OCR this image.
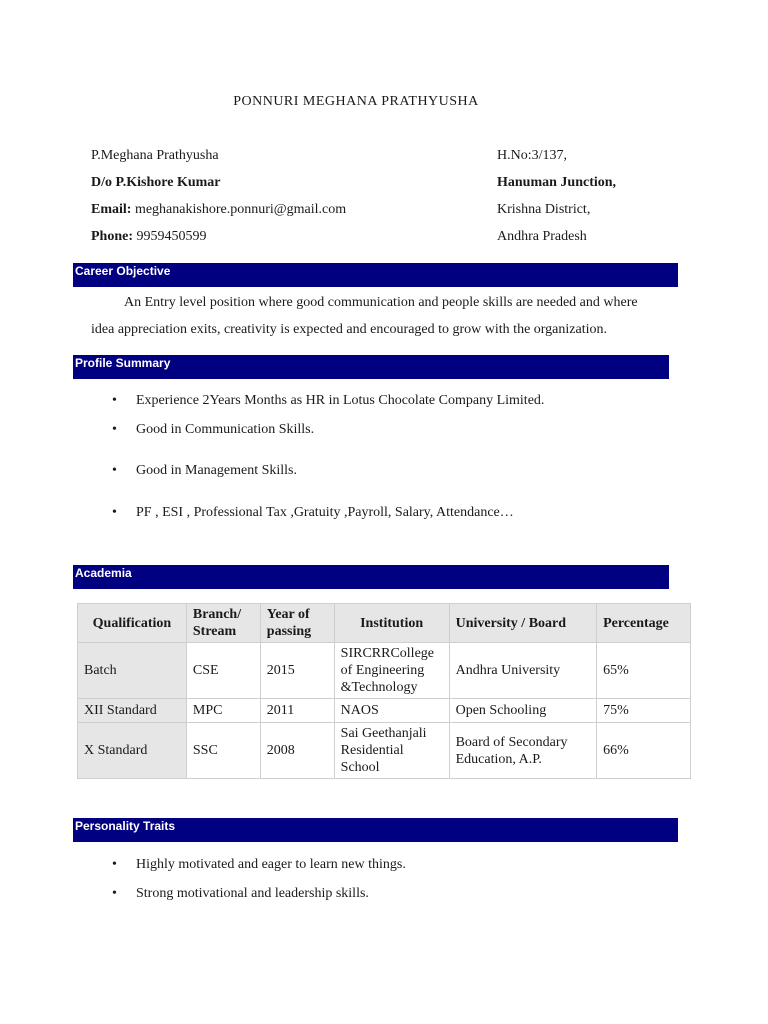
PONNURI MEGHANA PRATHYUSHA
P.Meghana Prathyusha
D/o P.Kishore Kumar
Email: meghanakishore.ponnuri@gmail.com
Phone: 9959450599
H.No:3/137,
Hanuman Junction,
Krishna District,
Andhra Pradesh
Career Objective
An Entry level position where good communication and people skills are needed and where
idea appreciation exits, creativity is expected and encouraged to grow with the organization.
Profile Summary
• Experience 2Years Months as HR in Lotus Chocolate Company Limited.
• Good in Communication Skills.
• Good in Management Skills.
• PF , ESI , Professional Tax ,Gratuity ,Payroll, Salary, Attendance…
Academia
Qualification	Branch/ Stream	Year of passing	Institution	University / Board	Percentage
Batch	CSE	2015	SIRCRRCollege of Engineering &Technology	Andhra University	65%
XII Standard	MPC	2011	NAOS	Open Schooling	75%
X Standard	SSC	2008	Sai Geethanjali Residential School	Board of Secondary Education, A.P.	66%
Personality Traits
• Highly motivated and eager to learn new things.
• Strong motivational and leadership skills.
